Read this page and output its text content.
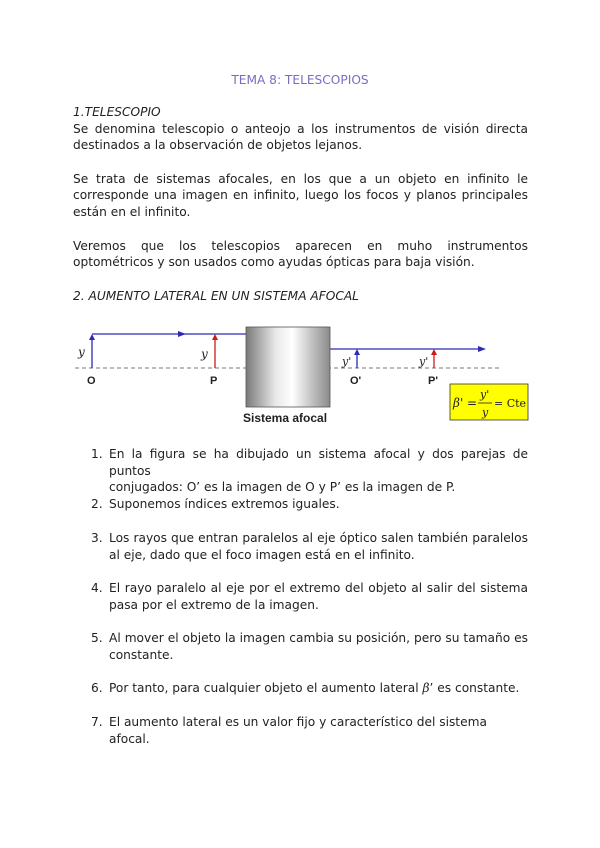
TEMA 8: TELESCOPIOS
1.TELESCOPIO
Se denomina telescopio o anteojo a los instrumentos de visión directa
destinados a la observación de objetos lejanos.
Se trata de sistemas afocales, en los que a un objeto en infinito le
corresponde una imagen en infinito, luego los focos y planos principales
están en el infinito.
Veremos que los telescopios aparecen en muho instrumentos
optométricos y son usados como ayudas ópticas para baja visión.
2. AUMENTO LATERAL EN UN SISTEMA AFOCAL
y	y
y'	y'
O	P	O'	P'
Sistema afocal
β' =
y'
y
= Cte
1. En la figura se ha dibujado un sistema afocal y dos parejas de puntos
conjugados: O’ es la imagen de O y P’ es la imagen de P.
2. Suponemos índices extremos iguales.
3. Los rayos que entran paralelos al eje óptico salen también paralelos
al eje, dado que el foco imagen está en el infinito.
4. El rayo paralelo al eje por el extremo del objeto al salir del sistema
pasa por el extremo de la imagen.
5. Al mover el objeto la imagen cambia su posición, pero su tamaño es
constante.
6. Por tanto, para cualquier objeto el aumento lateral β’ es constante.
7. El aumento lateral es un valor fijo y característico del sistema afocal.
